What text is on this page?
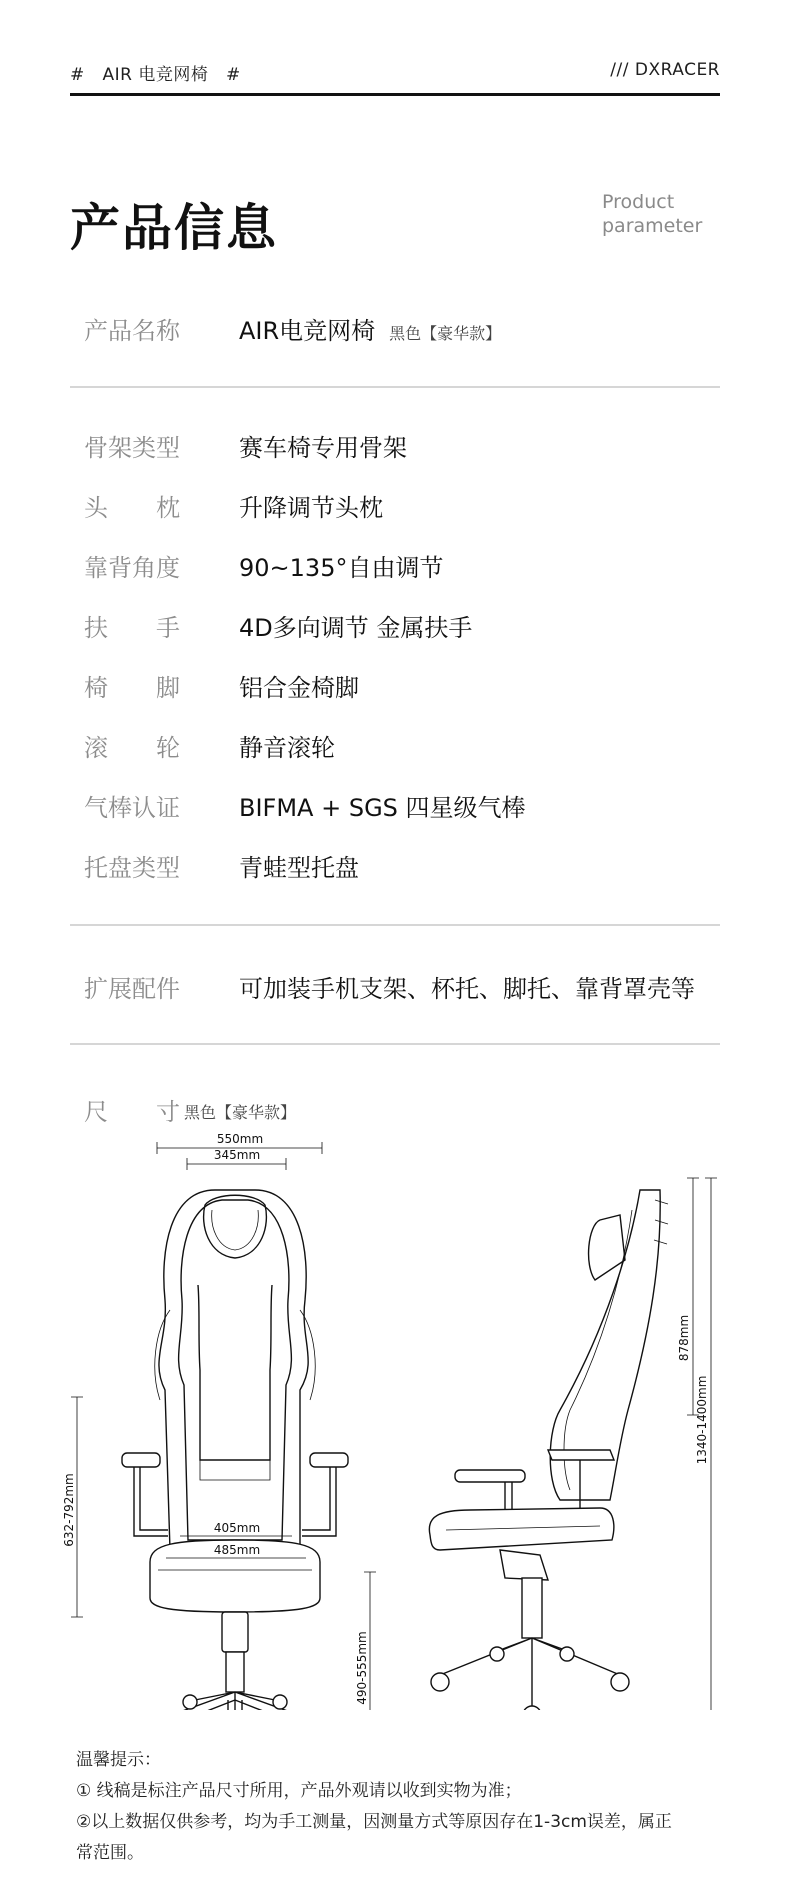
#   AIR 电竞网椅   #	/// DXRACER
产品信息	Product
parameter
产品名称 AIR电竞网椅 黑色【豪华款】
骨架类型 赛车椅专用骨架
头　　枕 升降调节头枕
靠背角度 90~135°自由调节
扶　　手 4D多向调节 金属扶手
椅　　脚 铝合金椅脚
滚　　轮 静音滚轮
气棒认证 BIFMA + SGS 四星级气棒
托盘类型 青蛙型托盘
扩展配件 可加装手机支架、杯托、脚托、靠背罩壳等
尺　　寸 黑色【豪华款】
550mm
345mm
405mm
485mm
632-792mm
490-555mm
878mm
1340-1400mm
温馨提示：
① 线稿是标注产品尺寸所用，产品外观请以收到实物为准；
②以上数据仅供参考，均为手工测量，因测量方式等原因存在1-3cm误差，属正
常范围。
